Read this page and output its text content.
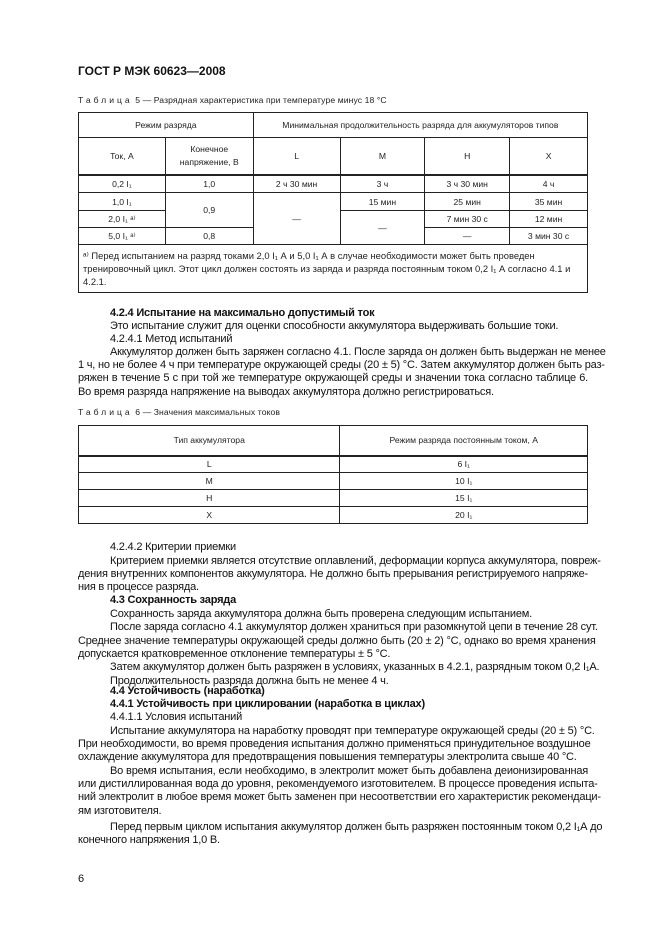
ГОСТ Р МЭК 60623—2008
Таблица 5 — Разрядная характеристика при температуре минус 18 °С
Режим разряда		Минимальная продолжительность разряда для аккумуляторов типов			
Ток, А	Конечное напряжение, В	L	M	H	X
0,2 I₁	1,0	2 ч 30 мин	3 ч	3 ч 30 мин	4 ч
1,0 I₁	0,9	—	15 мин	25 мин	35 мин
2,0 I₁ ᵃ⁾			—	7 мин 30 с	12 мин
5,0 I₁ ᵃ⁾	0,8			—	3 мин 30 с
ᵃ⁾ Перед испытанием на разряд токами 2,0 I₁ А и 5,0 I₁ А в случае необходимости может быть проведен тренировочный цикл. Этот цикл должен состоять из заряда и разряда постоянным током 0,2 I₁ А согласно 4.1 и 4.2.1.					
4.2.4 Испытание на максимально допустимый ток
Это испытание служит для оценки способности аккумулятора выдерживать большие токи.
4.2.4.1 Метод испытаний
Аккумулятор должен быть заряжен согласно 4.1. После заряда он должен быть выдержан не менее
1 ч, но не более 4 ч при температуре окружающей среды (20 ± 5) °С. Затем аккумулятор должен быть раз-
ряжен в течение 5 с при той же температуре окружающей среды и значении тока согласно таблице 6.
Во время разряда напряжение на выводах аккумулятора должно регистрироваться.
Таблица 6 — Значения максимальных токов
Тип аккумулятора	Режим разряда постоянным током, А
L	6 I₁
M	10 I₁
H	15 I₁
X	20 I₁
4.2.4.2 Критерии приемки
Критерием приемки является отсутствие оплавлений, деформации корпуса аккумулятора, повреж-
дения внутренних компонентов аккумулятора. Не должно быть прерывания регистрируемого напряже-
ния в процессе разряда.
4.3 Сохранность заряда
Сохранность заряда аккумулятора должна быть проверена следующим испытанием.
После заряда согласно 4.1 аккумулятор должен храниться при разомкнутой цепи в течение 28 сут.
Среднее значение температуры окружающей среды должно быть (20 ± 2) °С, однако во время хранения
допускается кратковременное отклонение температуры ± 5 °С.
Затем аккумулятор должен быть разряжен в условиях, указанных в 4.2.1, разрядным током 0,2 I₁А.
Продолжительность разряда должна быть не менее 4 ч.
4.4 Устойчивость (наработка)
4.4.1 Устойчивость при циклировании (наработка в циклах)
4.4.1.1 Условия испытаний
Испытание аккумулятора на наработку проводят при температуре окружающей среды (20 ± 5) °С.
При необходимости, во время проведения испытания должно применяться принудительное воздушное
охлаждение аккумулятора для предотвращения повышения температуры электролита свыше 40 °С.
Во время испытания, если необходимо, в электролит может быть добавлена деионизированная
или дистиллированная вода до уровня, рекомендуемого изготовителем. В процессе проведения испыта-
ний электролит в любое время может быть заменен при несоответствии его характеристик рекомендаци-
ям изготовителя.
Перед первым циклом испытания аккумулятор должен быть разряжен постоянным током 0,2 I₁А до
конечного напряжения 1,0 В.
6
